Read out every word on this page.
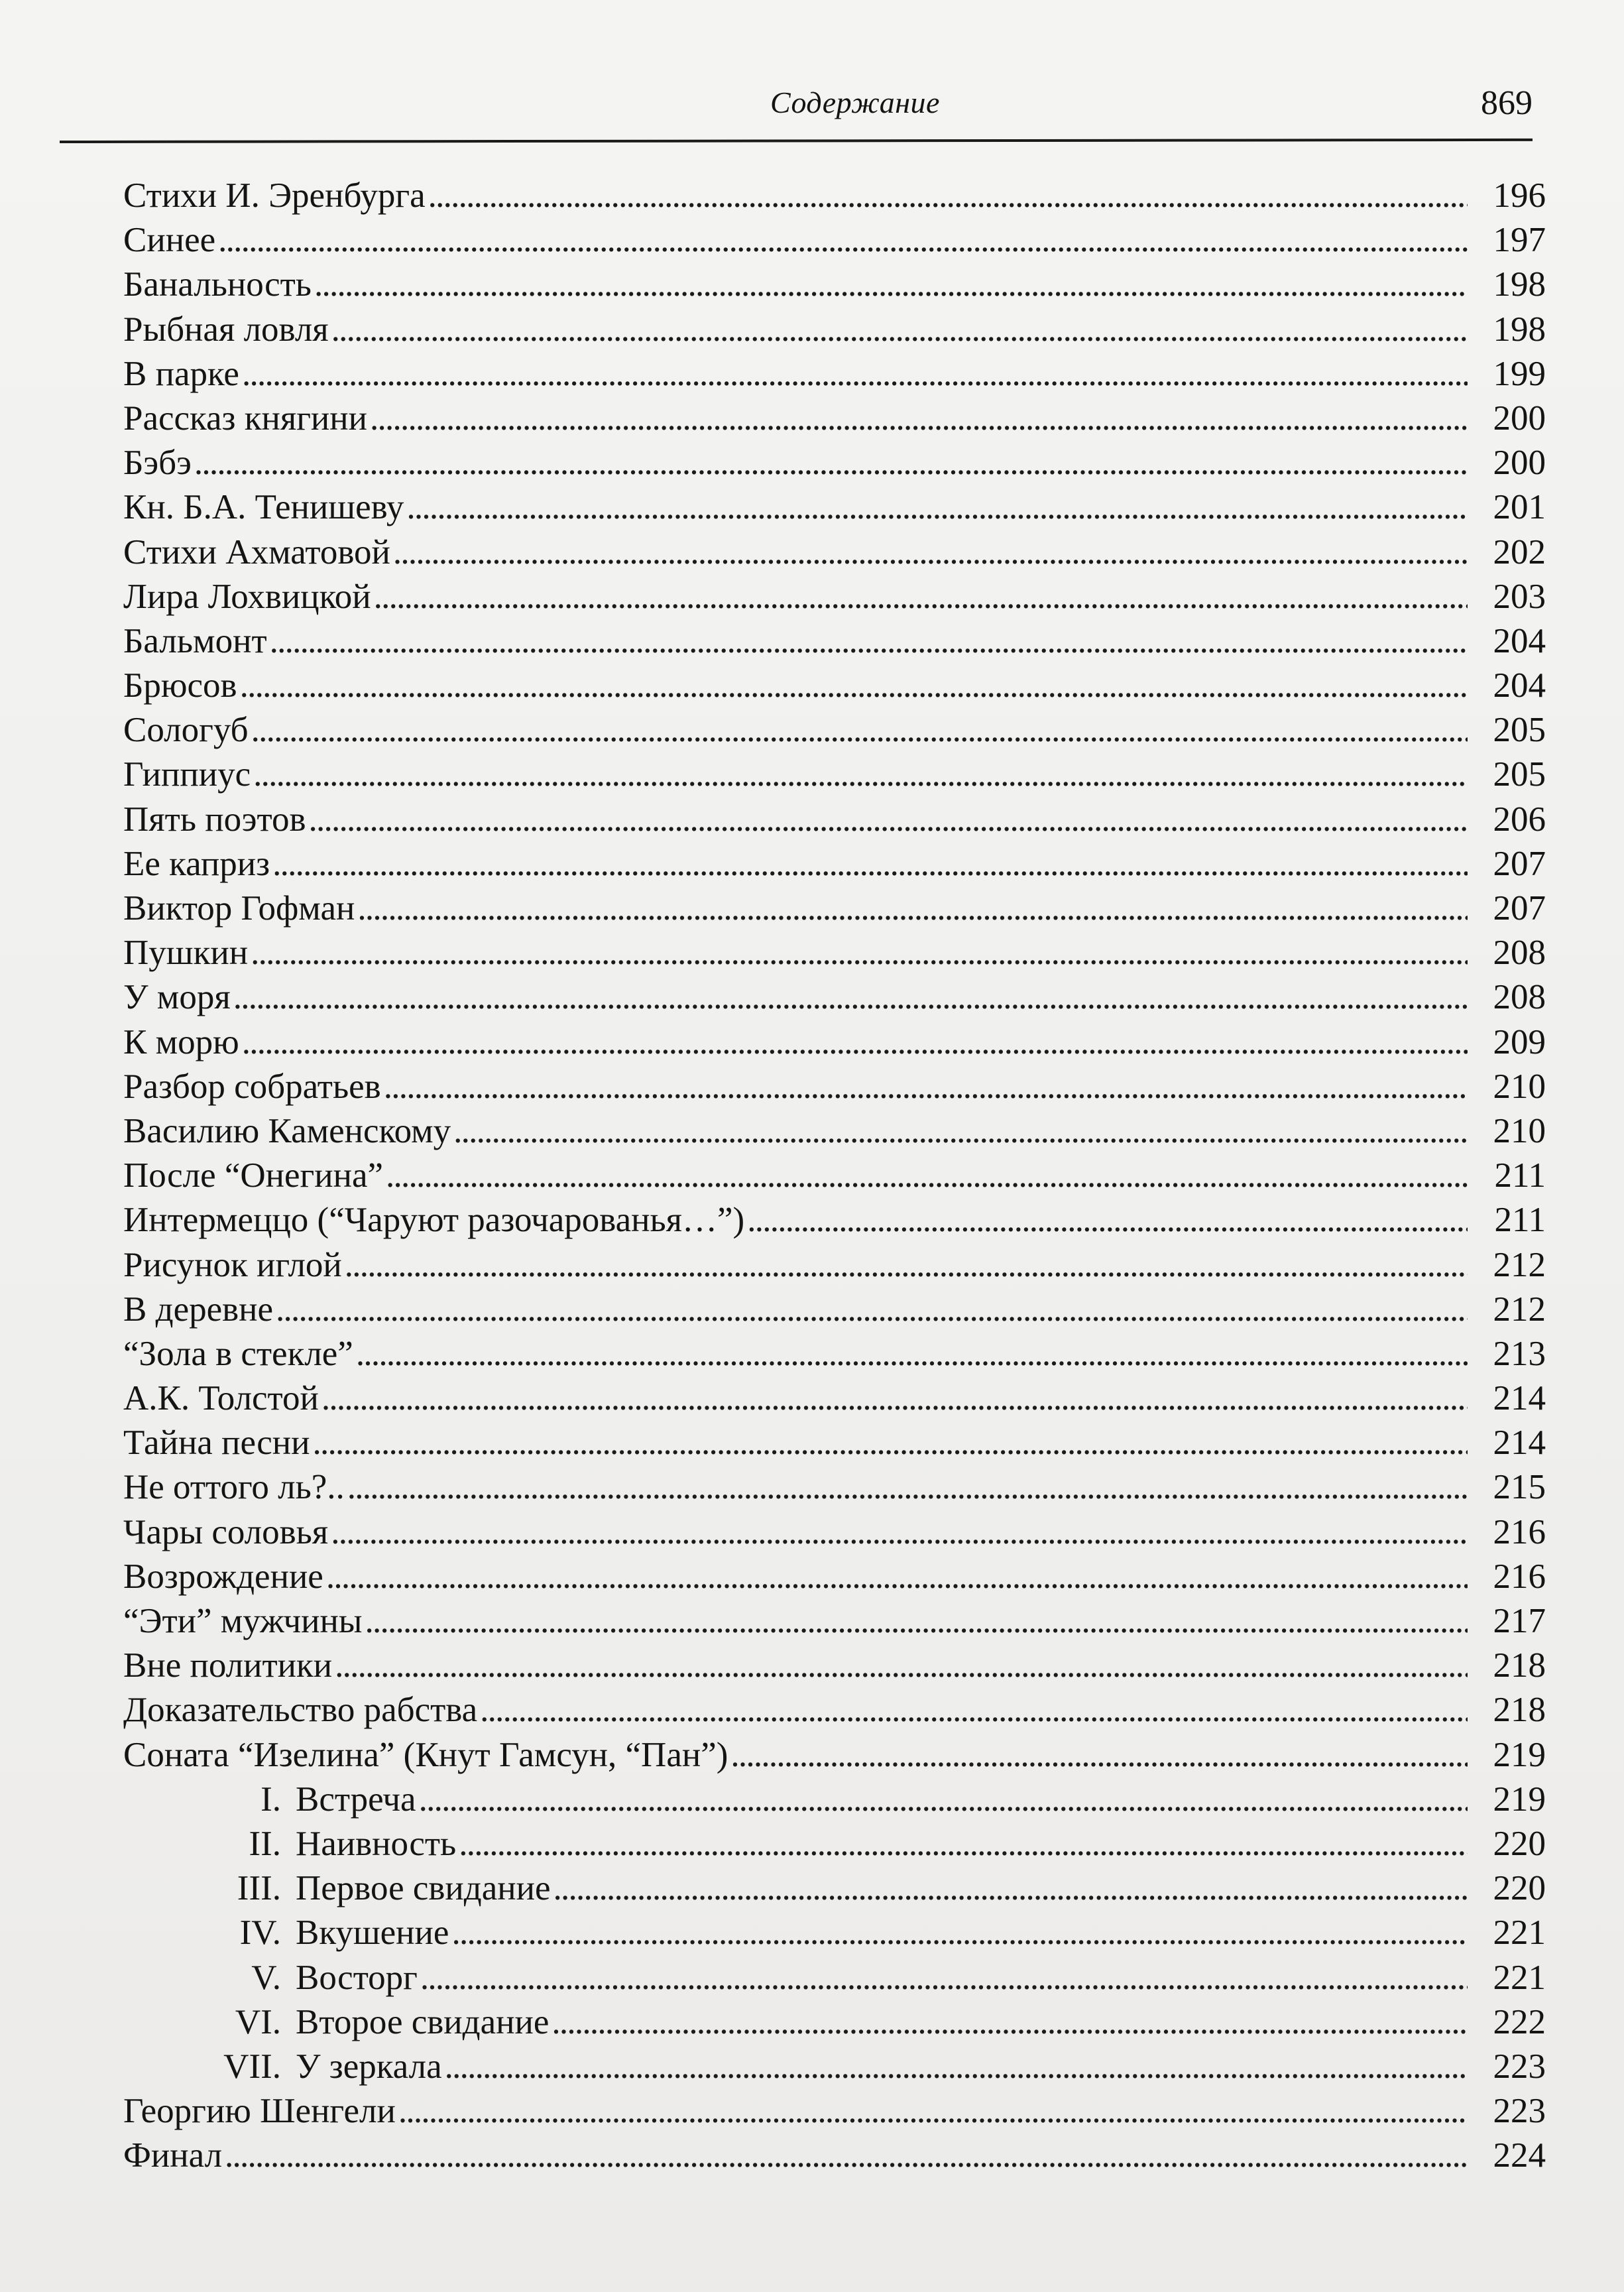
Содержание	869
Стихи И. Эренбурга . . .	196
Синее . . .	197
Банальность . . .	198
Рыбная ловля . . .	198
В парке . . .	199
Рассказ княгини . . .	200
Бэбэ . . .	200
Кн. Б.А. Тенишеву . . .	201
Стихи Ахматовой . . .	202
Лира Лохвицкой . . .	203
Бальмонт . . .	204
Брюсов . . .	204
Сологуб . . .	205
Гиппиус . . .	205
Пять поэтов . . .	206
Ее каприз . . .	207
Виктор Гофман . . .	207
Пушкин . . .	208
У моря . . .	208
К морю . . .	209
Разбор собратьев . . .	210
Василию Каменскому . . .	210
После “Онегина” . . .	211
Интермеццо (“Чаруют разочарованья…”) . . .	211
Рисунок иглой . . .	212
В деревне . . .	212
“Зола в стекле” . . .	213
А.К. Толстой . . .	214
Тайна песни . . .	214
Не оттого ль?.. . . .	215
Чары соловья . . .	216
Возрождение . . .	216
“Эти” мужчины . . .	217
Вне политики . . .	218
Доказательство рабства . . .	218
Соната “Изелина” (Кнут Гамсун, “Пан”) . . .	219
I. Встреча . . .	219
II. Наивность . . .	220
III. Первое свидание . . .	220
IV. Вкушение . . .	221
V. Восторг . . .	221
VI. Второе свидание . . .	222
VII. У зеркала . . .	223
Георгию Шенгели . . .	223
Финал . . .	224
